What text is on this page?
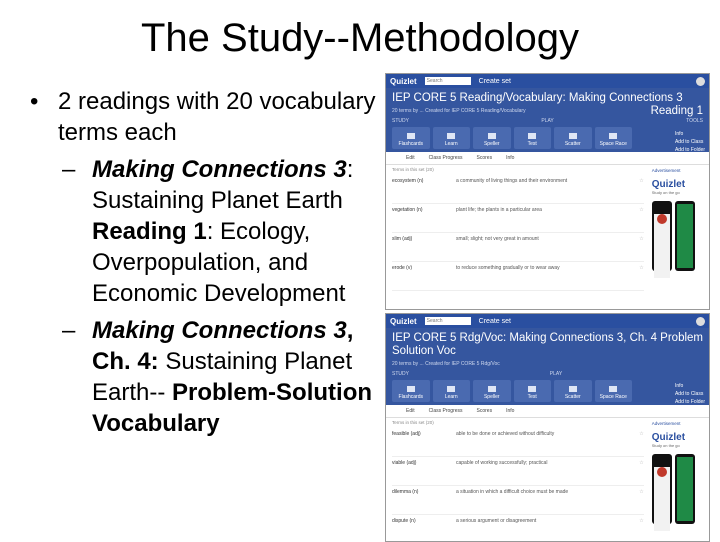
The Study--Methodology
• 2 readings with 20 vocabulary terms each
– Making Connections 3: Sustaining Planet Earth Reading 1: Ecology, Overpopulation, and Economic Development
– Making Connections 3, Ch. 4: Sustaining Planet Earth-- Problem-Solution Vocabulary
Quizlet	Search	Create set
IEP CORE 5 Reading/Vocabulary: Making Connections 3
Reading 1
20 terms by ... Created for IEP CORE 5 Reading/Vocabulary
STUDY	PLAY	TOOLS
Flashcards	Learn	Speller	Test	Scatter	Space Race
Info
Add to Class
Add to Folder
Edit	Class Progress	Scores	Info
Terms in this set (20)
ecosystem (n)	a community of living things and their environment	☆
vegetation (n)	plant life; the plants in a particular area	☆
slim (adj)	small; slight; not very great in amount	☆
erode (v)	to reduce something gradually or to wear away	☆
Advertisement
Quizlet
Study on the go
Quizlet	Search	Create set
IEP CORE 5 Rdg/Voc: Making Connections 3, Ch. 4 Problem
Solution Voc
20 terms by ... Created for IEP CORE 5 Rdg/Voc
STUDY	PLAY
Flashcards	Learn	Speller	Test	Scatter	Space Race
Info
Add to Class
Add to Folder
Edit	Class Progress	Scores	Info
Terms in this set (20)
feasible (adj)	able to be done or achieved without difficulty	☆
viable (adj)	capable of working successfully; practical	☆
dilemma (n)	a situation in which a difficult choice must be made	☆
dispute (n)	a serious argument or disagreement	☆
Advertisement
Quizlet
Study on the go
